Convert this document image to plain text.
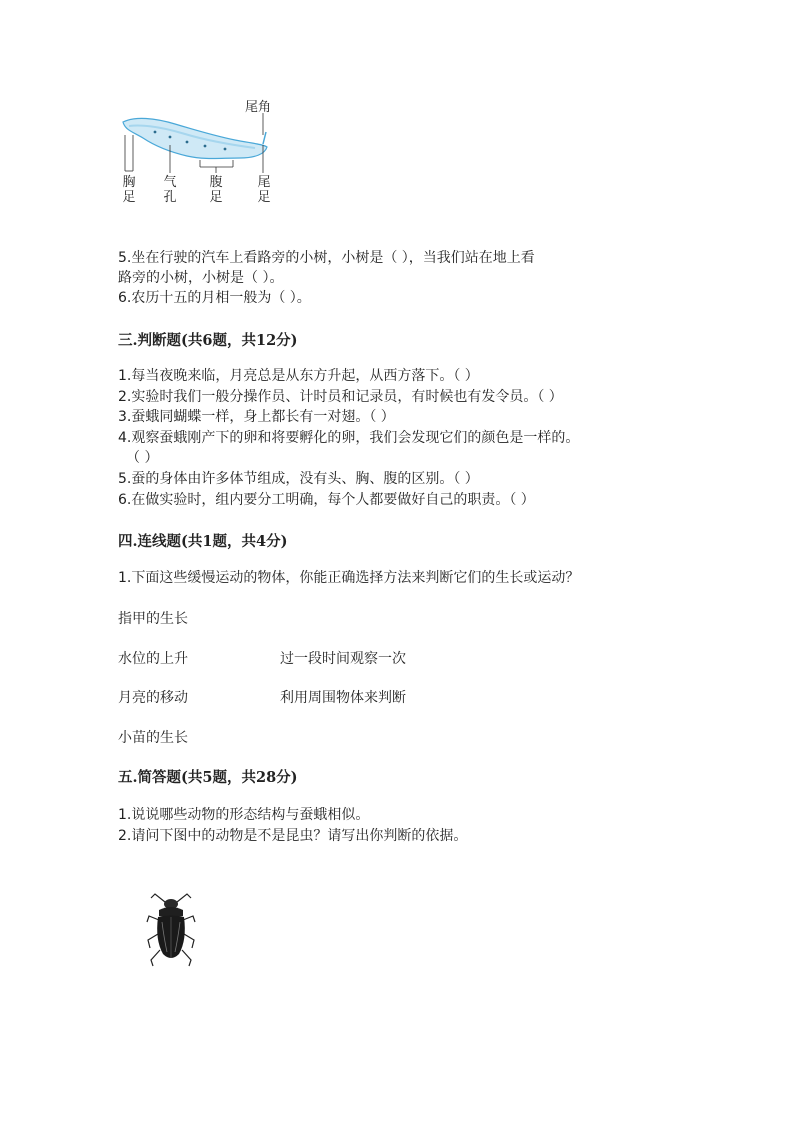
尾角
胸
足
气
孔
腹
足
尾
足
5.坐在行驶的汽车上看路旁的小树，小树是（ ），当我们站在地上看
路旁的小树，小树是（ ）。
6.农历十五的月相一般为（ ）。
三.判断题(共6题，共12分)
1.每当夜晚来临，月亮总是从东方升起，从西方落下。（ ）
2.实验时我们一般分操作员、计时员和记录员，有时候也有发令员。（ ）
3.蚕蛾同蝴蝶一样，身上都长有一对翅。（ ）
4.观察蚕蛾刚产下的卵和将要孵化的卵，我们会发现它们的颜色是一样的。
（ ）
5.蚕的身体由许多体节组成，没有头、胸、腹的区别。（ ）
6.在做实验时，组内要分工明确，每个人都要做好自己的职责。（ ）
四.连线题(共1题，共4分)
1.下面这些缓慢运动的物体，你能正确选择方法来判断它们的生长或运动？
指甲的生长
水位的上升	过一段时间观察一次
月亮的移动	利用周围物体来判断
小苗的生长
五.简答题(共5题，共28分)
1.说说哪些动物的形态结构与蚕蛾相似。
2.请问下图中的动物是不是昆虫？请写出你判断的依据。
